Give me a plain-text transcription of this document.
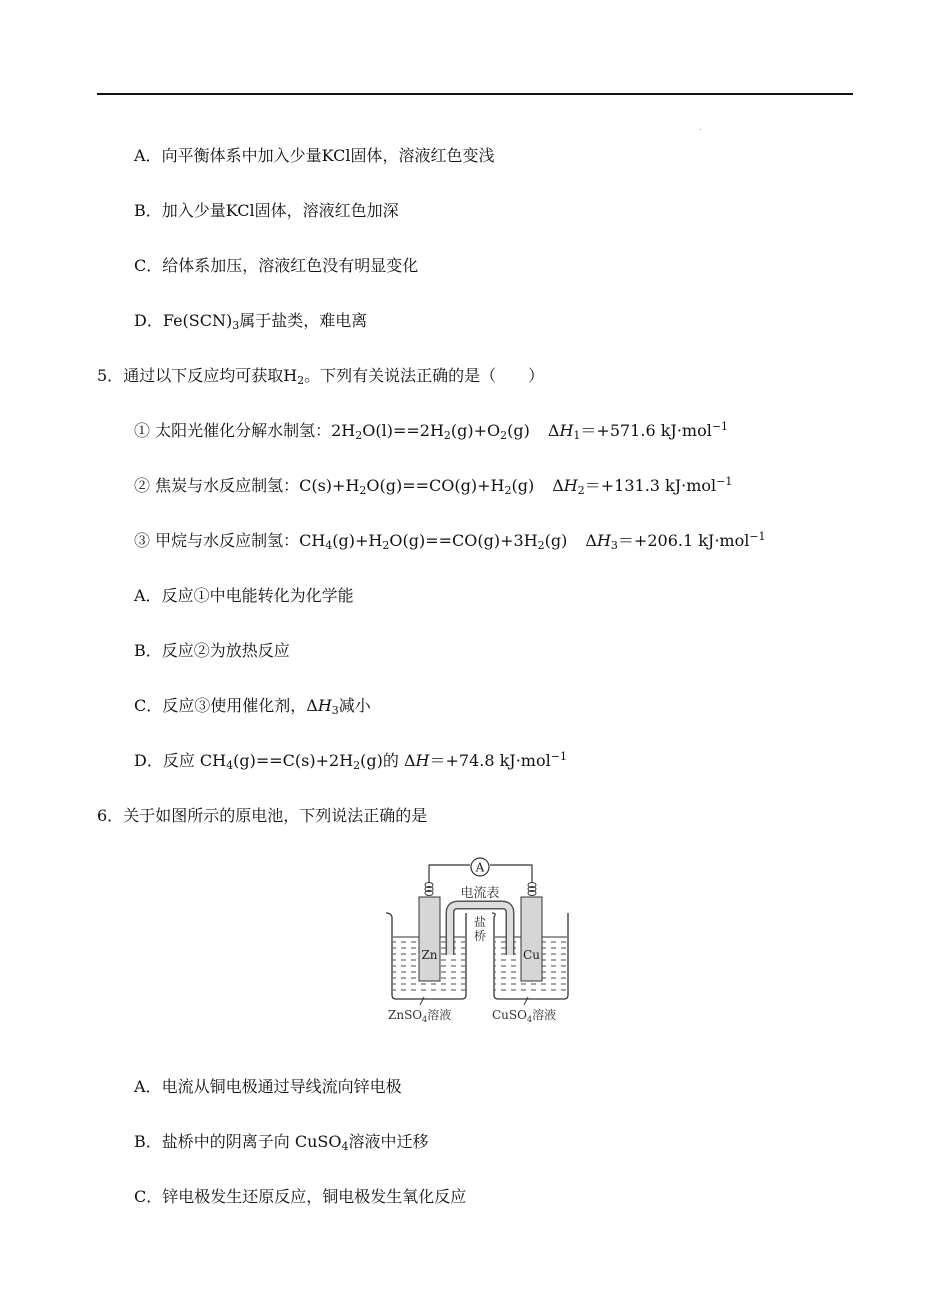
A．向平衡体系中加入少量KCl固体，溶液红色变浅
B．加入少量KCl固体，溶液红色加深
C．给体系加压，溶液红色没有明显变化
D．$Fe(SCN)_3$属于盐类，难电离
5．通过以下反应均可获取$H_2$。下列有关说法正确的是（　　）
① 太阳光催化分解水制氢：$2H_2O(l)==2H_2(g)+O_2(g)$ $\Delta H_1=+571.6$ kJ·mol$^{-1}$
② 焦炭与水反应制氢：$C(s)+H_2O(g)==CO(g)+H_2(g)$ $\Delta H_2=+131.3$ kJ·mol$^{-1}$
③ 甲烷与水反应制氢：$CH_4(g)+H_2O(g)==CO(g)+3H_2(g)$ $\Delta H_3=+206.1$ kJ·mol$^{-1}$
A．反应①中电能转化为化学能
B．反应②为放热反应
C．反应③使用催化剂，$\Delta H_3$减小
D．反应 $CH_4(g)==C(s)+2H_2(g)$的 ΔH＝+74.8 kJ·mol$^{-1}$
6．关于如图所示的原电池，下列说法正确的是
A
电流表
盐
桥
Zn	Cu
ZnSO$_4$溶液	CuSO$_4$溶液
A．电流从铜电极通过导线流向锌电极
B．盐桥中的阴离子向 CuSO$_4$溶液中迁移
C．锌电极发生还原反应，铜电极发生氧化反应
